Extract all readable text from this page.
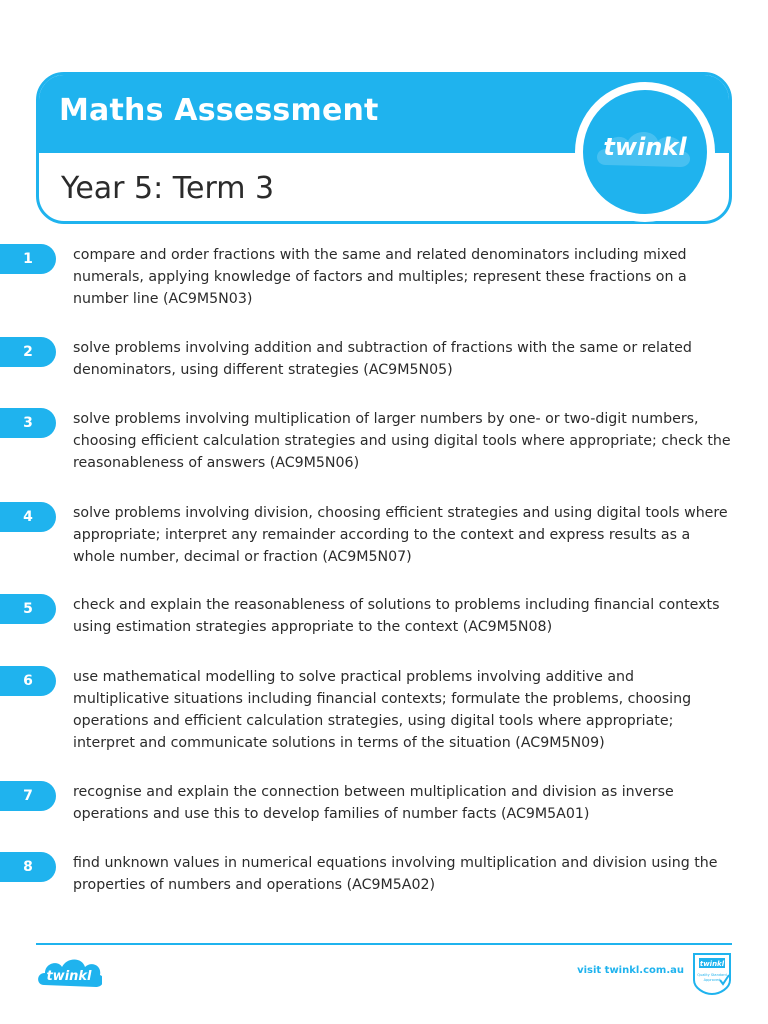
Maths Assessment
Year 5: Term 3
twinkl
1	compare and order fractions with the same and related denominators including mixed numerals, applying knowledge of factors and multiples; represent these fractions on a number line (AC9M5N03)
2	solve problems involving addition and subtraction of fractions with the same or related denominators, using different strategies (AC9M5N05)
3	solve problems involving multiplication of larger numbers by one- or two-digit numbers, choosing efficient calculation strategies and using digital tools where appropriate; check the reasonableness of answers (AC9M5N06)
4	solve problems involving division, choosing efficient strategies and using digital tools where appropriate; interpret any remainder according to the context and express results as a whole number, decimal or fraction (AC9M5N07)
5	check and explain the reasonableness of solutions to problems including financial contexts using estimation strategies appropriate to the context (AC9M5N08)
6	use mathematical modelling to solve practical problems involving additive and multiplicative situations including financial contexts; formulate the problems, choosing operations and efficient calculation strategies, using digital tools where appropriate; interpret and communicate solutions in terms of the situation (AC9M5N09)
7	recognise and explain the connection between multiplication and division as inverse operations and use this to develop families of number facts (AC9M5A01)
8	find unknown values in numerical equations involving multiplication and division using the properties of numbers and operations (AC9M5A02)
twinkl	visit twinkl.com.au
twinkl
Quality Standard
Approved
